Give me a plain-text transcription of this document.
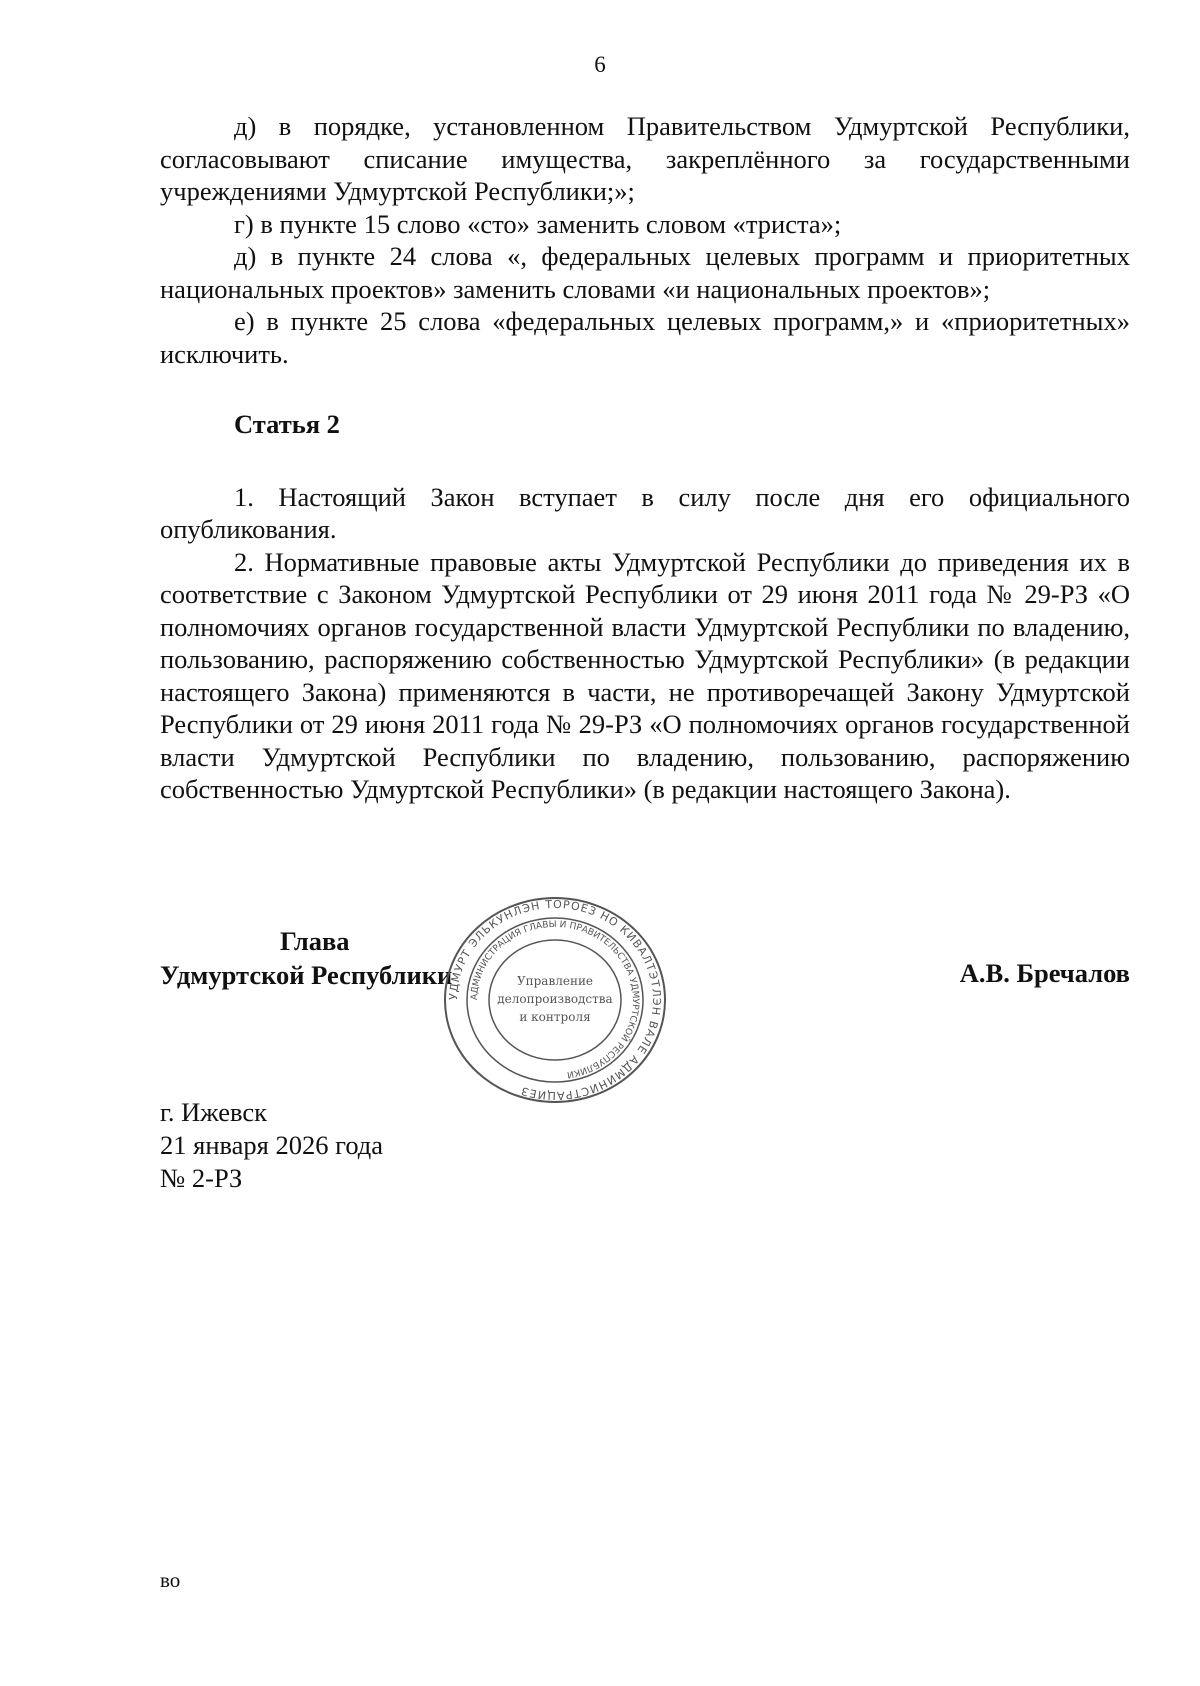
6

д) в порядке, установленном Правительством Удмуртской Республики, согласовывают списание имущества, закреплённого за государственными учреждениями Удмуртской Республики;»;

г) в пункте 15 слово «сто» заменить словом «триста»;

д) в пункте 24 слова «, федеральных целевых программ и приоритетных национальных проектов» заменить словами «и национальных проектов»;

е) в пункте 25 слова «федеральных целевых программ,» и «приоритетных» исключить.

Статья 2

1. Настоящий Закон вступает в силу после дня его официального опубликования.

2. Нормативные правовые акты Удмуртской Республики до приведения их в соответствие с Законом Удмуртской Республики от 29 июня 2011 года № 29-РЗ «О полномочиях органов государственной власти Удмуртской Республики по владению, пользованию, распоряжению собственностью Удмуртской Республики» (в редакции настоящего Закона) применяются в части, не противоречащей Закону Удмуртской Республики от 29 июня 2011 года № 29-РЗ «О полномочиях органов государственной власти Удмуртской Республики по владению, пользованию, распоряжению собственностью Удмуртской Республики» (в редакции настоящего Закона).

Глава
Удмуртской Республики
УДМУРТ ЭЛЬКУНЛЭН ТОРОЕЗ НО КИВАЛТЭТЛЭН ВАЛЕ АДМИНИСТРАЦИЕЗ
АДМИНИСТРАЦИЯ ГЛАВЫ И ПРАВИТЕЛЬСТВА УДМУРТСКОЙ РЕСПУБЛИКИ
Управление
делопроизводства
и контроля
А.В. Бречалов
г. Ижевск
21 января 2026 года
№ 2-РЗ
во
